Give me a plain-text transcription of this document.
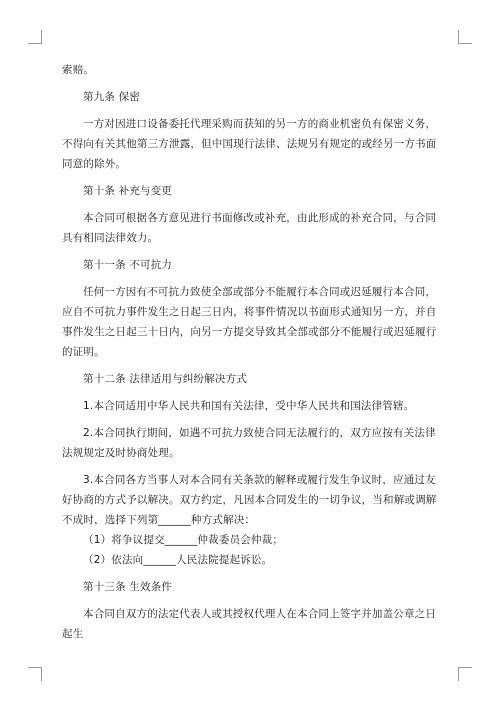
索赔。

第九条 保密

一方对因进口设备委托代理采购而获知的另一方的商业机密负有保密义务，不得向有关其他第三方泄露，但中国现行法律、法规另有规定的或经另一方书面同意的除外。

第十条 补充与变更

本合同可根据各方意见进行书面修改或补充，由此形成的补充合同，与合同具有相同法律效力。

第十一条 不可抗力

任何一方因有不可抗力致使全部或部分不能履行本合同或迟延履行本合同，应自不可抗力事件发生之日起三日内，将事件情况以书面形式通知另一方，并自事件发生之日起三十日内，向另一方提交导致其全部或部分不能履行或迟延履行的证明。

第十二条 法律适用与纠纷解决方式

1.本合同适用中华人民共和国有关法律，受中华人民共和国法律管辖。

2.本合同执行期间，如遇不可抗力致使合同无法履行的，双方应按有关法律法规规定及时协商处理。

3.本合同各方当事人对本合同有关条款的解释或履行发生争议时，应通过友好协商的方式予以解决。双方约定，凡因本合同发生的一切争议，当和解或调解不成时，选择下列第______种方式解决：

（1）将争议提交______仲裁委员会仲裁；

（2）依法向______人民法院提起诉讼。

第十三条 生效条件

本合同自双方的法定代表人或其授权代理人在本合同上签字并加盖公章之日起生
